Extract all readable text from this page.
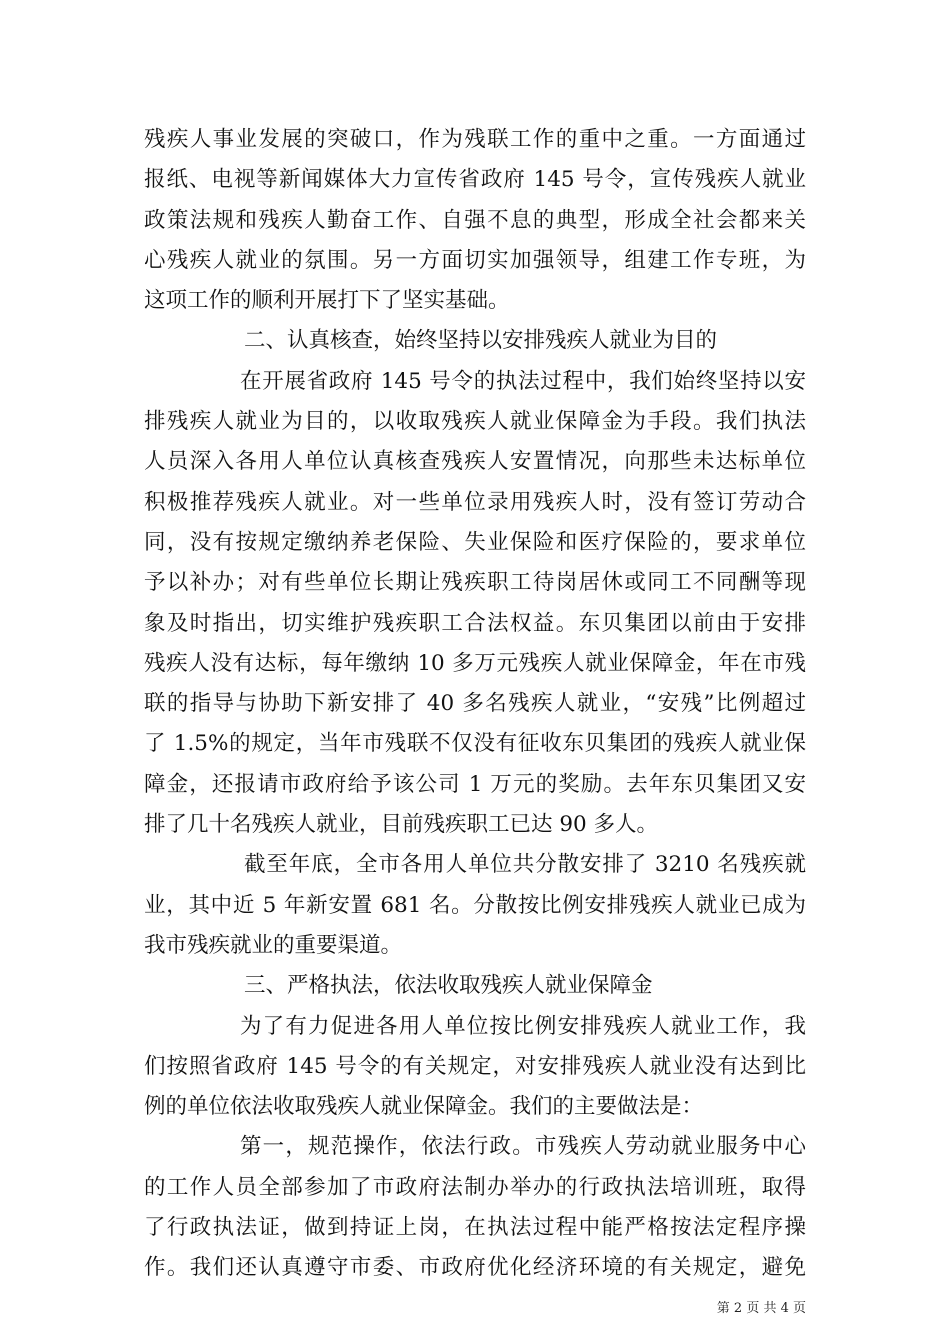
残疾人事业发展的突破口，作为残联工作的重中之重。一方面通过
报纸、电视等新闻媒体大力宣传省政府 145 号令，宣传残疾人就业
政策法规和残疾人勤奋工作、自强不息的典型，形成全社会都来关
心残疾人就业的氛围。另一方面切实加强领导，组建工作专班，为
这项工作的顺利开展打下了坚实基础。
二、认真核查，始终坚持以安排残疾人就业为目的
在开展省政府 145 号令的执法过程中，我们始终坚持以安
排残疾人就业为目的，以收取残疾人就业保障金为手段。我们执法
人员深入各用人单位认真核查残疾人安置情况，向那些未达标单位
积极推荐残疾人就业。对一些单位录用残疾人时，没有签订劳动合
同，没有按规定缴纳养老保险、失业保险和医疗保险的，要求单位
予以补办；对有些单位长期让残疾职工待岗居休或同工不同酬等现
象及时指出，切实维护残疾职工合法权益。东贝集团以前由于安排
残疾人没有达标，每年缴纳 10 多万元残疾人就业保障金，年在市残
联的指导与协助下新安排了 40 多名残疾人就业，“安残”比例超过
了 1.5%的规定，当年市残联不仅没有征收东贝集团的残疾人就业保
障金，还报请市政府给予该公司 1 万元的奖励。去年东贝集团又安
排了几十名残疾人就业，目前残疾职工已达 90 多人。
截至年底，全市各用人单位共分散安排了 3210 名残疾就
业，其中近 5 年新安置 681 名。分散按比例安排残疾人就业已成为
我市残疾就业的重要渠道。
三、严格执法，依法收取残疾人就业保障金
为了有力促进各用人单位按比例安排残疾人就业工作，我
们按照省政府 145 号令的有关规定，对安排残疾人就业没有达到比
例的单位依法收取残疾人就业保障金。我们的主要做法是：
第一，规范操作，依法行政。市残疾人劳动就业服务中心
的工作人员全部参加了市政府法制办举办的行政执法培训班，取得
了行政执法证，做到持证上岗，在执法过程中能严格按法定程序操
作。我们还认真遵守市委、市政府优化经济环境的有关规定，避免
第 2 页 共 4 页
